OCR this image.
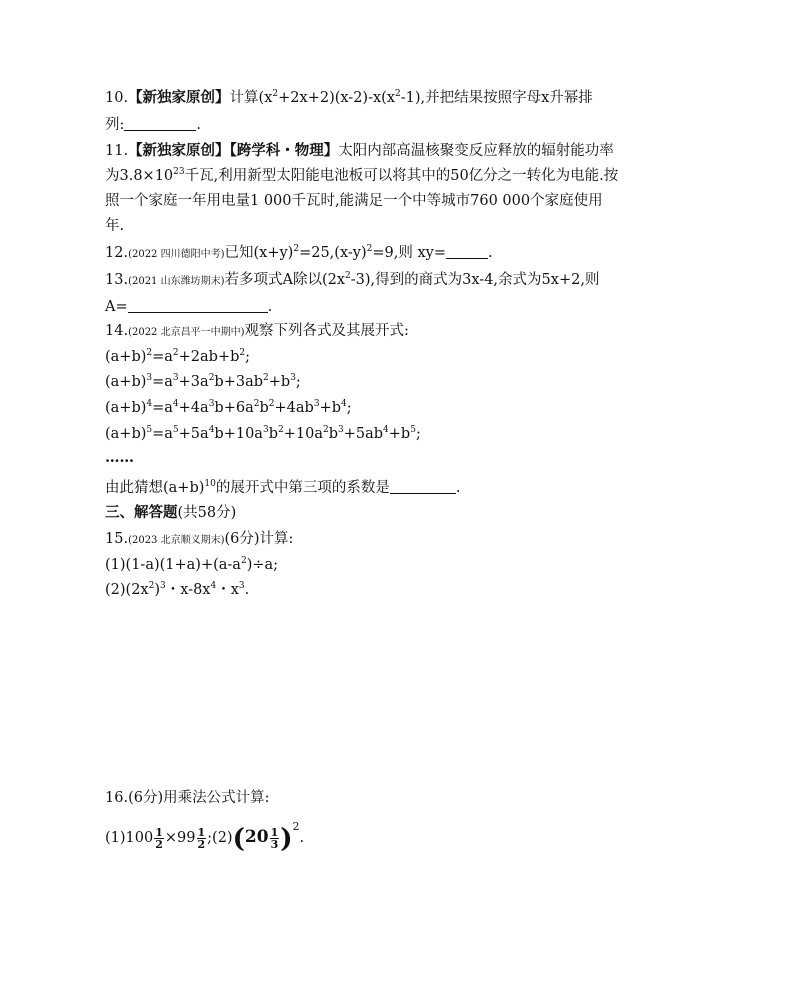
10.【新独家原创】计算$(x^2+2x+2)(x-2)-x(x^2-1)$,并把结果按照字母x升幂排
列:	.
11.【新独家原创】【跨学科・物理】太阳内部高温核聚变反应释放的辐射能功率
为$3.8\times 10^{23}$千瓦,利用新型太阳能电池板可以将其中的50亿分之一转化为电能.按
照一个家庭一年用电量1 000千瓦时,能满足一个中等城市760 000个家庭使用
年.
12.(2022 四川德阳中考)已知$(x+y)^2=25,(x-y)^2=9$,则 xy=	.
13.(2021 山东潍坊期末)若多项式A除以$(2x^2-3)$,得到的商式为3x-4,余式为5x+2,则
A=	.
14.(2022 北京昌平一中期中)观察下列各式及其展开式:
$(a+b)^2=a^2+2ab+b^2$;
$(a+b)^3=a^3+3a^2b+3ab^2+b^3$;
$(a+b)^4=a^4+4a^3b+6a^2b^2+4ab^3+b^4$;
$(a+b)^5=a^5+5a^4b+10a^3b^2+10a^2b^3+5ab^4+b^5$;
……
由此猜想$(a+b)^{10}$的展开式中第三项的系数是	.
三、解答题(共58分)
15.(2023 北京顺义期末)(6分)计算:
$(1)(1-a)(1+a)+(a-a^2)\div a$;
$(2)(2x^2)^3$・$x-8x^4$・$x^3$.
16.(6分)用乘法公式计算:
$(1)100 \frac{1}{2} \times 99 \frac{1}{2}$ ;(2)(20 $\frac{1}{3} )^2$.
